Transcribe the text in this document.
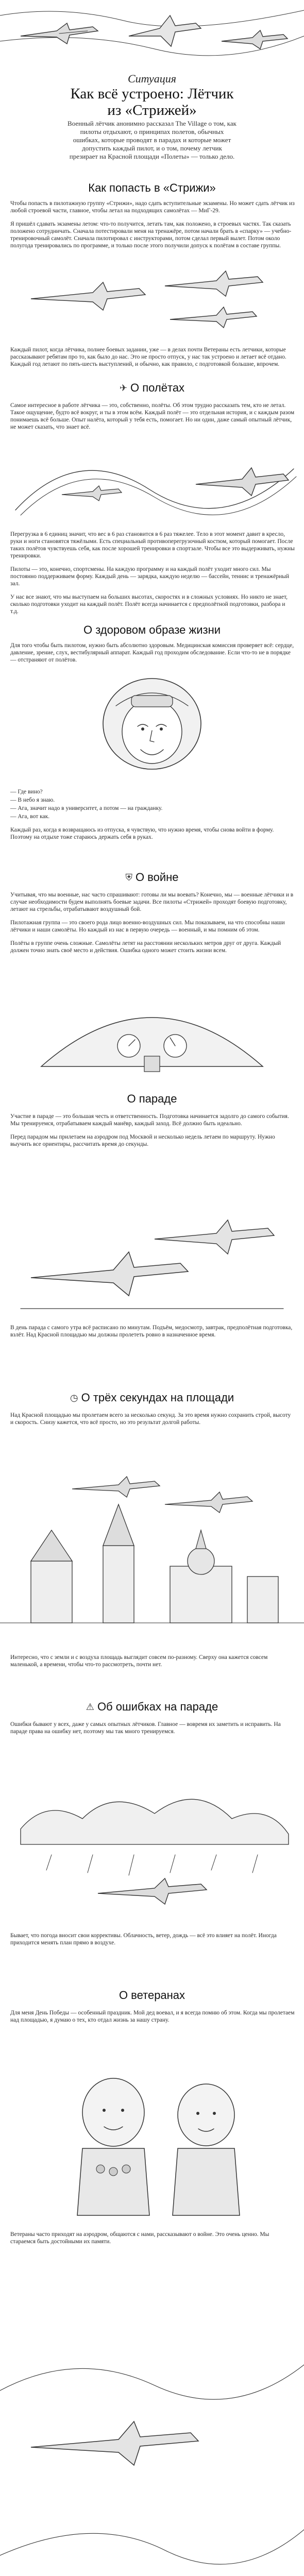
Ситуация
Как всё устроено: Лётчик
из «Стрижей»
Военный лётчик анонимно рассказал The Village о том, как пилоты отдыхают, о принципах полетов, обычных ошибках, которые проводят в парадах и которые может допустить каждый пилот, и о том, почему летчик презирает на Красной площади «Полеты» — только дело.
Как попасть в «Стрижи»

Чтобы попасть в пилотажную группу «Стрижи», надо сдать вступительные экзамены. Но может сдать лётчик из любой строевой части, главное, чтобы летал на подходящих самолётах — МиГ-29.

Я пришёл сдавать экзамены летом: что-то получится, летать там, как положено, в строевых частях. Так сказать положено сотрудничать. Сначала потестировали меня на тренажёре, потом начали брать в «спарку» — учебно-тренировочный самолёт. Сначала пилотировал с инструкторами, потом сделал первый вылет. Потом около полугода тренировались по программе, и только после этого получили допуск к полётам в составе группы.

Каждый пилот, когда лётчика, полнее боевых задании, уже — в делах почти Ветераны есть летчики, которые рассказывают ребятам про то, как было до нас. Это не просто отпуск, у нас так устроено и летает всё отдано. Каждый год летают по пять-шесть выступлений, и обычно, как правило, с подготовкой большие, впрочем.

✈ О полётах

Самое интересное в работе лётчика — это, собственно, полёты. Об этом трудно рассказать тем, кто не летал. Такое ощущение, будто всё вокруг, и ты в этом всём. Каждый полёт — это отдельная история, и с каждым разом понимаешь всё больше. Опыт налёта, который у тебя есть, помогает. Но ни один, даже самый опытный лётчик, не может сказать, что знает всё.

Перегрузка в 6 единиц значит, что вес в 6 раз становится в 6 раз тяжелее. Тело в этот момент давит в кресло, руки и ноги становятся тяжёлыми. Есть специальный противоперегрузочный костюм, который помогает. После таких полётов чувствуешь себя, как после хорошей тренировки в спортзале. Чтобы все это выдерживать, нужны тренировки.

Пилоты — это, конечно, спортсмены. На каждую программу и на каждый полёт уходит много сил. Мы постоянно поддерживаем форму. Каждый день — зарядка, каждую неделю — бассейн, теннис и тренажёрный зал.

У нас все знают, что мы выступаем на больших высотах, скоростях и в сложных условиях. Но никто не знает, сколько подготовки уходит на каждый полёт. Полёт всегда начинается с предполётной подготовки, разбора и т.д.

О здоровом образе жизни

Для того чтобы быть пилотом, нужно быть абсолютно здоровым. Медицинская комиссия проверяет всё: сердце, давление, зрение, слух, вестибулярный аппарат. Каждый год проходим обследование. Если что-то не в порядке — отстраняют от полётов.

— Где вино?

— В небо я знаю.

— Ага, значит надо в университет, а потом — на гражданку.

— Ага, вот как.

Каждый раз, когда я возвращаюсь из отпуска, я чувствую, что нужно время, чтобы снова войти в форму. Поэтому на отдыхе тоже стараюсь держать себя в руках.

⛨ О войне

Учитывая, что мы военные, нас часто спрашивают: готовы ли мы воевать? Конечно, мы — военные лётчики и в случае необходимости будем выполнять боевые задачи. Все пилоты «Стрижей» проходят боевую подготовку, летают на стрельбы, отрабатывают воздушный бой.

Пилотажная группа — это своего рода лицо военно-воздушных сил. Мы показываем, на что способны наши лётчики и наши самолёты. Но каждый из нас в первую очередь — военный, и мы помним об этом.

Полёты в группе очень сложные. Самолёты летят на расстоянии нескольких метров друг от друга. Каждый должен точно знать своё место и действия. Ошибка одного может стоить жизни всем.

О параде

Участие в параде — это большая честь и ответственность. Подготовка начинается задолго до самого события. Мы тренируемся, отрабатываем каждый манёвр, каждый заход. Всё должно быть идеально.

Перед парадом мы прилетаем на аэродром под Москвой и несколько недель летаем по маршруту. Нужно выучить все ориентиры, рассчитать время до секунды.

В день парада с самого утра всё расписано по минутам. Подъём, медосмотр, завтрак, предполётная подготовка, взлёт. Над Красной площадью мы должны пролететь ровно в назначенное время.

◷ О трёх секундах на площади

Над Красной площадью мы пролетаем всего за несколько секунд. За это время нужно сохранить строй, высоту и скорость. Снизу кажется, что всё просто, но это результат долгой работы.

Интересно, что с земли и с воздуха площадь выглядит совсем по-разному. Сверху она кажется совсем маленькой, а времени, чтобы что-то рассмотреть, почти нет.

⚠ Об ошибках на параде

Ошибки бывают у всех, даже у самых опытных лётчиков. Главное — вовремя их заметить и исправить. На параде права на ошибку нет, поэтому мы так много тренируемся.

Бывает, что погода вносит свои коррективы. Облачность, ветер, дождь — всё это влияет на полёт. Иногда приходится менять план прямо в воздухе.

О ветеранах

Для меня День Победы — особенный праздник. Мой дед воевал, и я всегда помню об этом. Когда мы пролетаем над площадью, я думаю о тех, кто отдал жизнь за нашу страну.

Ветераны часто приходят на аэродром, общаются с нами, рассказывают о войне. Это очень ценно. Мы стараемся быть достойными их памяти.
